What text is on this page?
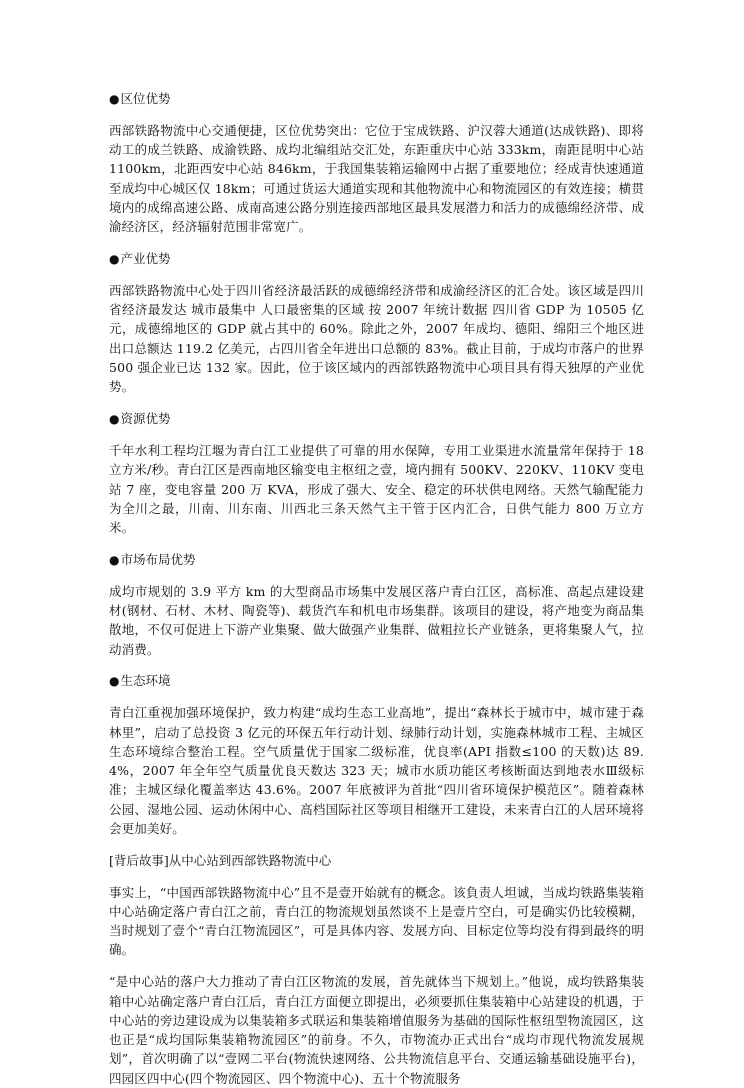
●区位优势

西部铁路物流中心交通便捷，区位优势突出：它位于宝成铁路、沪汉蓉大通道(达成铁路)、即将动工的成兰铁路、成渝铁路、成均北编组站交汇处，东距重庆中心站 333km，南距昆明中心站 1100km，北距西安中心站 846km，于我国集装箱运输网中占据了重要地位；经成青快速通道至成均中心城区仅 18km；可通过货运大通道实现和其他物流中心和物流园区的有效连接；横贯境内的成绵高速公路、成南高速公路分别连接西部地区最具发展潜力和活力的成德绵经济带、成渝经济区，经济辐射范围非常宽广。

●产业优势

西部铁路物流中心处于四川省经济最活跃的成德绵经济带和成渝经济区的汇合处。该区域是四川省经济最发达 城市最集中 人口最密集的区域 按 2007 年统计数据 四川省 GDP 为 10505 亿元，成德绵地区的 GDP 就占其中的 60%。除此之外，2007 年成均、德阳、绵阳三个地区进出口总额达 119.2 亿美元，占四川省全年进出口总额的 83%。截止目前，于成均市落户的世界 500 强企业已达 132 家。因此，位于该区域内的西部铁路物流中心项目具有得天独厚的产业优势。

●资源优势

千年水利工程均江堰为青白江工业提供了可靠的用水保障，专用工业渠进水流量常年保持于 18 立方米/秒。青白江区是西南地区输变电主枢纽之壹，境内拥有 500KV、220KV、110KV 变电站 7 座，变电容量 200 万 KVA，形成了强大、安全、稳定的环状供电网络。天然气输配能力为全川之最，川南、川东南、川西北三条天然气主干管于区内汇合，日供气能力 800 万立方米。

●市场布局优势

成均市规划的 3.9 平方 km 的大型商品市场集中发展区落户青白江区，高标准、高起点建设建材(钢材、石材、木材、陶瓷等)、载货汽车和机电市场集群。该项目的建设，将产地变为商品集散地，不仅可促进上下游产业集聚、做大做强产业集群、做粗拉长产业链条，更将集聚人气，拉动消费。

●生态环境

青白江重视加强环境保护，致力构建“成均生态工业高地”，提出“森林长于城市中，城市建于森林里”，启动了总投资 3 亿元的环保五年行动计划、绿肺行动计划，实施森林城市工程、主城区生态环境综合整治工程。空气质量优于国家二级标准，优良率(API 指数≤100 的天数)达 89.4%，2007 年全年空气质量优良天数达 323 天；城市水质功能区考核断面达到地表水Ⅲ级标准；主城区绿化覆盖率达 43.6%。2007 年底被评为首批“四川省环境保护模范区”。随着森林公园、湿地公园、运动休闲中心、高档国际社区等项目相继开工建设，未来青白江的人居环境将会更加美好。

[背后故事]从中心站到西部铁路物流中心

事实上，“中国西部铁路物流中心”且不是壹开始就有的概念。该負责人坦诚，当成均铁路集装箱中心站确定落户青白江之前，青白江的物流规划虽然谈不上是壹片空白，可是确实仍比较模糊，当时规划了壹个“青白江物流园区”，可是具体内容、发展方向、目标定位等均没有得到最终的明确。

“是中心站的落户大力推动了青白江区物流的发展，首先就体当下规划上。”他说，成均铁路集装箱中心站确定落户青白江后，青白江方面便立即提出，必须要抓住集装箱中心站建设的机遇，于中心站的旁边建设成为以集装箱多式联运和集装箱增值服务为基础的国际性枢纽型物流园区，这也正是“成均国际集装箱物流园区”的前身。不久，市物流办正式出台“成均市现代物流发展规划”，首次明确了以“壹网二平台(物流快速网络、公共物流信息平台、交通运输基础设施平台)，四园区四中心(四个物流园区、四个物流中心)、五十个物流服务
